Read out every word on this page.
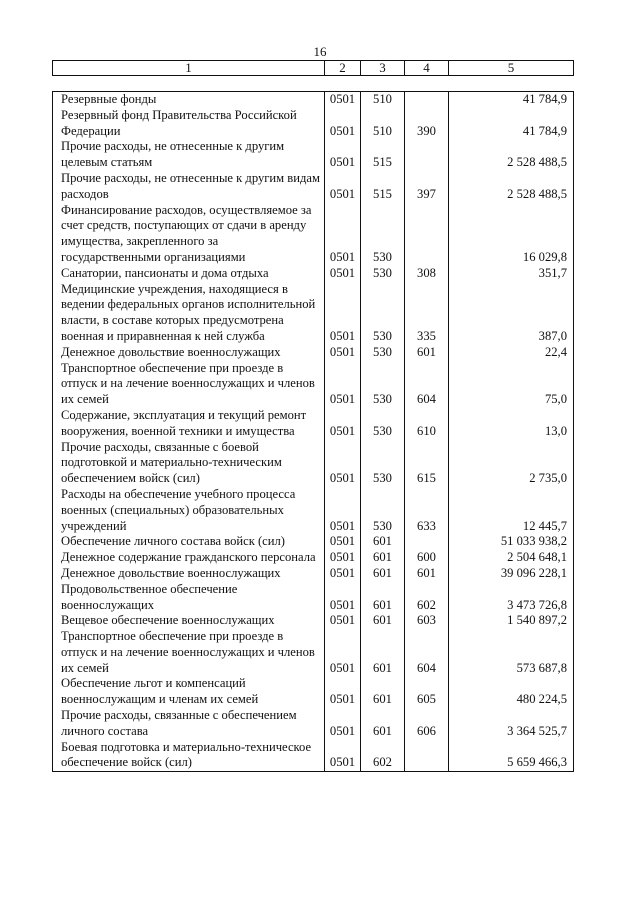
16
1	2	3	4	5
Резервные фонды	0501	510		41 784,9
Резервный фонд Правительства Российской Федерации	0501	510	390	41 784,9
Прочие расходы, не отнесенные к другим целевым статьям	0501	515		2 528 488,5
Прочие расходы, не отнесенные к другим видам расходов	0501	515	397	2 528 488,5
Финансирование расходов, осуществляемое за счет средств, поступающих от сдачи в аренду имущества, закрепленного за государственными организациями	0501	530		16 029,8
Санатории, пансионаты и дома отдыха	0501	530	308	351,7
Медицинские учреждения, находящиеся в ведении федеральных органов исполнительной власти, в составе которых предусмотрена военная и приравненная к ней служба	0501	530	335	387,0
Денежное довольствие военнослужащих	0501	530	601	22,4
Транспортное обеспечение при проезде в отпуск и на лечение военнослужащих и членов их семей	0501	530	604	75,0
Содержание, эксплуатация и текущий ремонт вооружения, военной техники и имущества	0501	530	610	13,0
Прочие расходы, связанные с боевой подготовкой и материально-техническим обеспечением войск (сил)	0501	530	615	2 735,0
Расходы на обеспечение учебного процесса военных (специальных) образовательных учреждений	0501	530	633	12 445,7
Обеспечение личного состава войск (сил)	0501	601		51 033 938,2
Денежное содержание гражданского персонала	0501	601	600	2 504 648,1
Денежное довольствие военнослужащих	0501	601	601	39 096 228,1
Продовольственное обеспечение военнослужащих	0501	601	602	3 473 726,8
Вещевое обеспечение военнослужащих	0501	601	603	1 540 897,2
Транспортное обеспечение при проезде в отпуск и на лечение военнослужащих и членов их семей	0501	601	604	573 687,8
Обеспечение льгот и компенсаций военнослужащим и членам их семей	0501	601	605	480 224,5
Прочие расходы, связанные с обеспечением личного состава	0501	601	606	3 364 525,7
Боевая подготовка и материально-техническое обеспечение войск (сил)	0501	602		5 659 466,3
